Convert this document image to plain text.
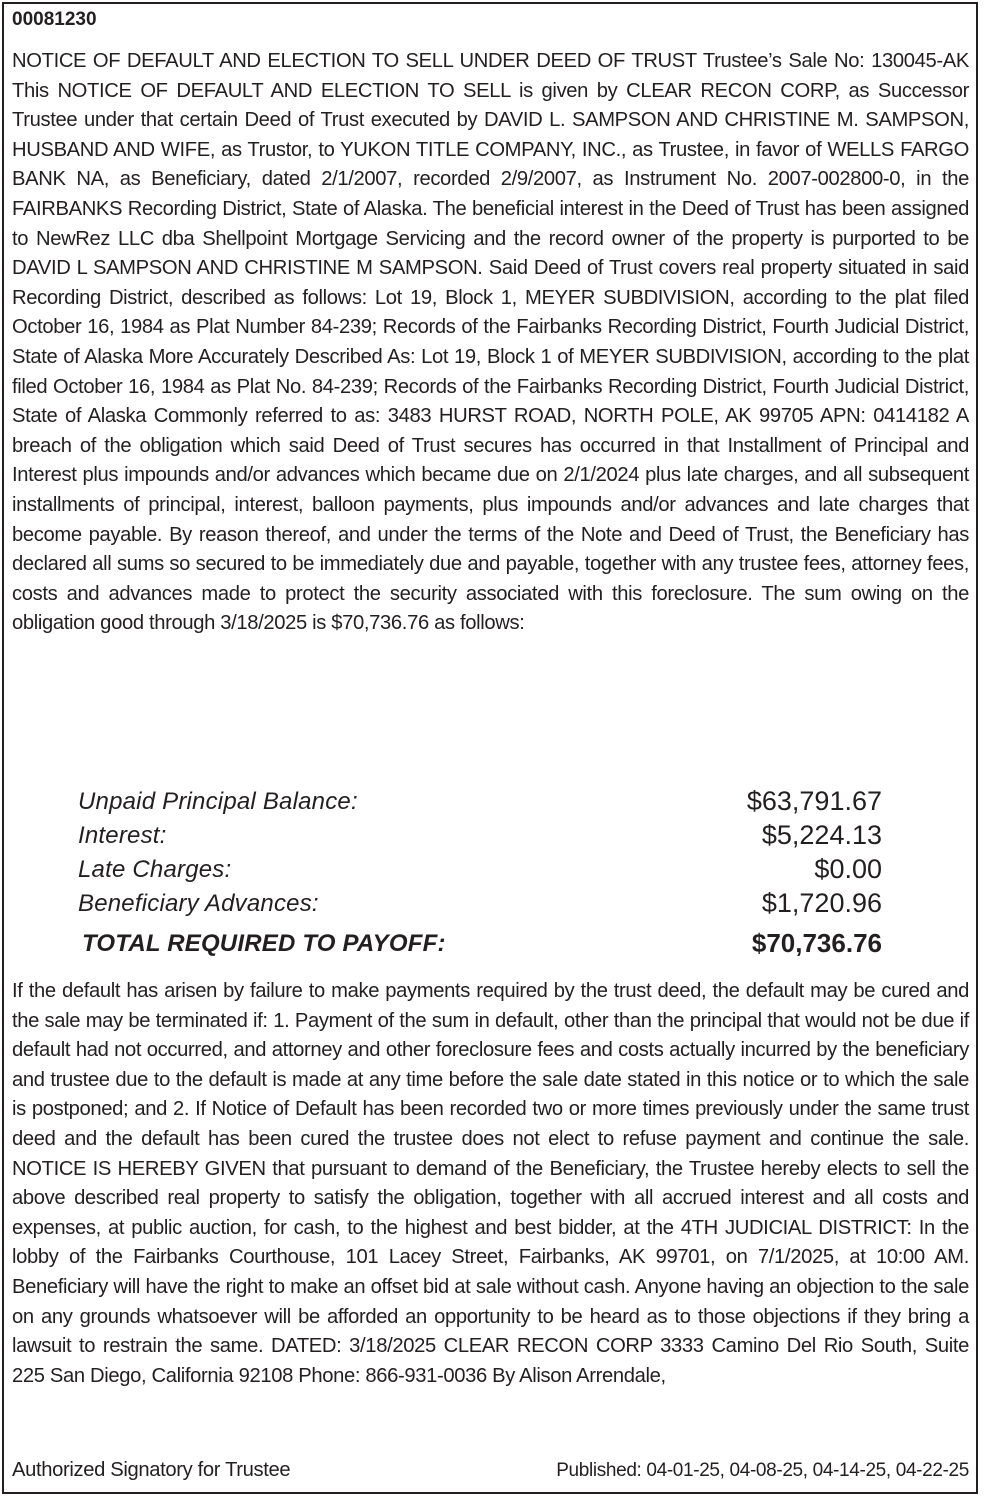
00081230

NOTICE OF DEFAULT AND ELECTION TO SELL UNDER DEED OF TRUST Trustee’s Sale No: 130045-AK This NOTICE OF DEFAULT AND ELECTION TO SELL is given by CLEAR RECON CORP, as Successor Trustee under that certain Deed of Trust executed by DAVID L. SAMPSON AND CHRISTINE M. SAMPSON, HUSBAND AND WIFE, as Trustor, to YUKON TITLE COMPANY, INC., as Trustee, in favor of WELLS FARGO BANK NA, as Beneficiary, dated 2/1/2007, recorded 2/9/2007, as Instrument No. 2007-002800-0, in the FAIRBANKS Recording District, State of Alaska. The beneficial interest in the Deed of Trust has been assigned to NewRez LLC dba Shellpoint Mortgage Servicing and the record owner of the property is purported to be DAVID L SAMPSON AND CHRISTINE M SAMPSON. Said Deed of Trust covers real property situated in said Recording District, described as follows: Lot 19, Block 1, MEYER SUBDIVISION, according to the plat filed October 16, 1984 as Plat Number 84-239; Records of the Fairbanks Recording District, Fourth Judicial District, State of Alaska More Accurately Described As: Lot 19, Block 1 of MEYER SUBDIVISION, according to the plat filed October 16, 1984 as Plat No. 84-239; Records of the Fairbanks Recording District, Fourth Judicial District, State of Alaska Commonly referred to as: 3483 HURST ROAD, NORTH POLE, AK 99705 APN: 0414182 A breach of the obligation which said Deed of Trust secures has occurred in that Installment of Principal and Interest plus impounds and/or advances which became due on 2/1/2024 plus late charges, and all subsequent installments of principal, interest, balloon payments, plus impounds and/or advances and late charges that become payable. By reason thereof, and under the terms of the Note and Deed of Trust, the Beneficiary has declared all sums so secured to be immediately due and payable, together with any trustee fees, attorney fees, costs and advances made to protect the security associated with this foreclosure. The sum owing on the obligation good through 3/18/2025 is $70,736.76 as follows:

Unpaid Principal Balance:	$63,791.67
Interest:	$5,224.13
Late Charges:	$0.00
Beneficiary Advances:	$1,720.96
TOTAL REQUIRED TO PAYOFF:	$70,736.76

If the default has arisen by failure to make payments required by the trust deed, the default may be cured and the sale may be terminated if: 1. Payment of the sum in default, other than the principal that would not be due if default had not occurred, and attorney and other foreclosure fees and costs actually incurred by the beneficiary and trustee due to the default is made at any time before the sale date stated in this notice or to which the sale is postponed; and 2. If Notice of Default has been recorded two or more times previously under the same trust deed and the default has been cured the trustee does not elect to refuse payment and continue the sale. NOTICE IS HEREBY GIVEN that pursuant to demand of the Beneficiary, the Trustee hereby elects to sell the above described real property to satisfy the obligation, together with all accrued interest and all costs and expenses, at public auction, for cash, to the highest and best bidder, at the 4TH JUDICIAL DISTRICT: In the lobby of the Fairbanks Courthouse, 101 Lacey Street, Fairbanks, AK 99701, on 7/1/2025, at 10:00 AM. Beneficiary will have the right to make an offset bid at sale without cash. Anyone having an objection to the sale on any grounds whatsoever will be afforded an opportunity to be heard as to those objections if they bring a lawsuit to restrain the same. DATED: 3/18/2025 CLEAR RECON CORP 3333 Camino Del Rio South, Suite 225 San Diego, California 92108 Phone: 866-931-0036 By Alison Arrendale,

Authorized Signatory for Trustee	Published: 04-01-25, 04-08-25, 04-14-25, 04-22-25
